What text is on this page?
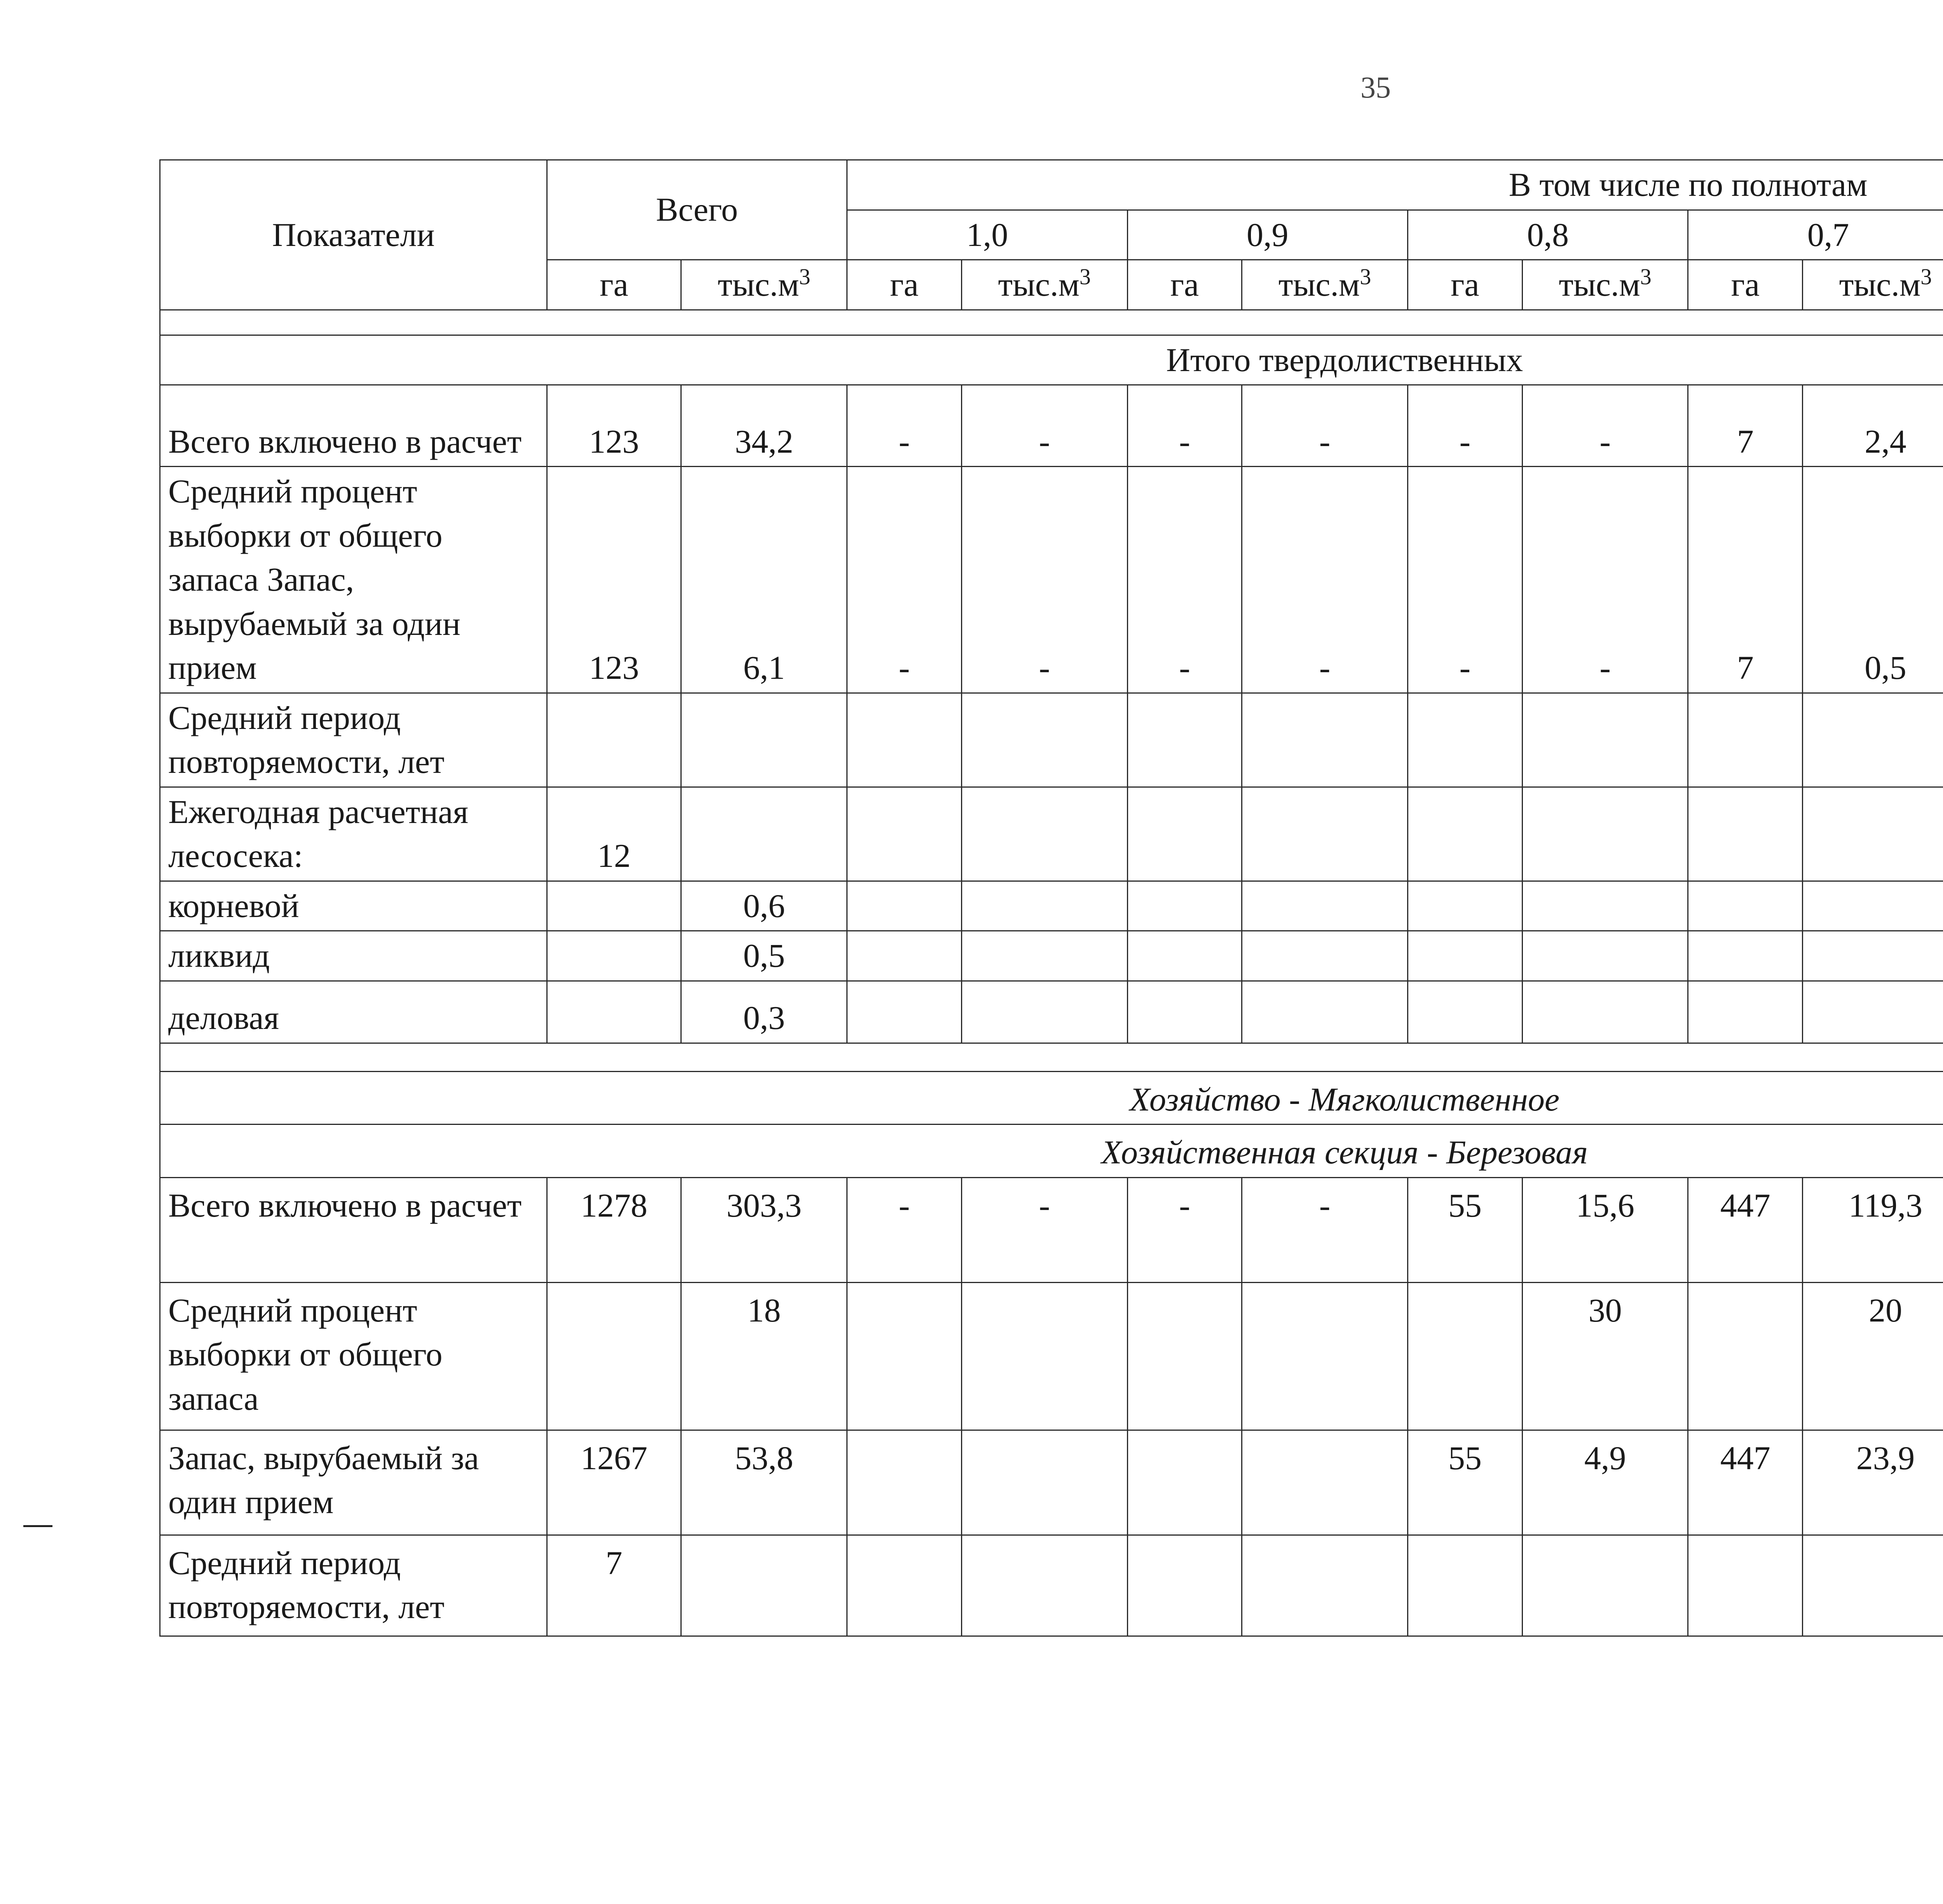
35
Показатели	Всего		В том числе по полнотам											
			1,0		0,9		0,8		0,7		
	га	$тыс.м^3$	га	$тыс.м^3$	га	$тыс.м^3$	га	$тыс.м^3$	га	$тыс.м^3$				

Итого твердолиственных														
Всего включено в расчет	123	34,2	-	-	-	-	-	-	7	2,4				
Средний процент выборки от общего запаса Запас, вырубаемый за один прием	123	6,1	-	-	-	-	-	-	7	0,5				
Средний период повторяемости, лет														
Ежегодная расчетная лесосека:	12													
корневой		0,6												
ликвид		0,5												
деловая		0,3												

Хозяйство - Мягколиственное														
Хозяйственная секция - Березовая														
Всего включено в расчет	1278	303,3	-	-	-	-	55	15,6	447	119,3				
Средний процент выборки от общего запаса		18						30		20				
Запас, вырубаемый за один прием	1267	53,8					55	4,9	447	23,9				
Средний период повторяемости, лет	7													
